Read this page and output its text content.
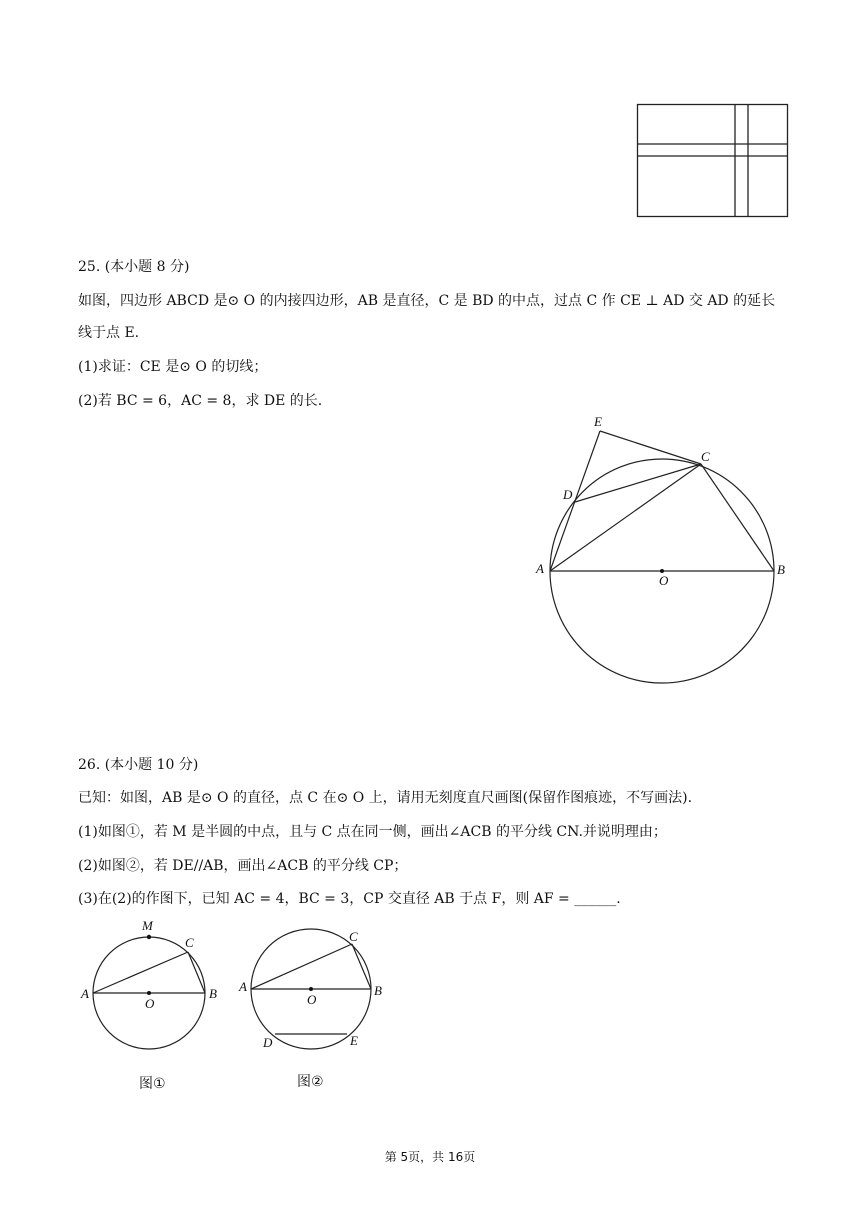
25. (本小题 8 分)
如图，四边形 ABCD 是⊙ O 的内接四边形，AB 是直径，C 是 BD 的中点，过点 C 作 CE ⊥ AD 交 AD 的延长
线于点 E.
(1)求证：CE 是⊙ O 的切线；
(2)若 BC = 6，AC = 8，求 DE 的长.
E
C
D
A
O
B
26. (本小题 10 分)
已知：如图，AB 是⊙ O 的直径，点 C 在⊙ O 上，请用无刻度直尺画图(保留作图痕迹，不写画法).
(1)如图①，若 M 是半圆的中点，且与 C 点在同一侧，画出∠ACB 的平分线 CN.并说明理由；
(2)如图②，若 DE//AB，画出∠ACB 的平分线 CP；
(3)在(2)的作图下，已知 AC = 4，BC = 3，CP 交直径 AB 于点 F，则 AF = ______.
M
C
A
O
B
图①
C
A
O
B
D	E
图②
第 5页，共 16页
